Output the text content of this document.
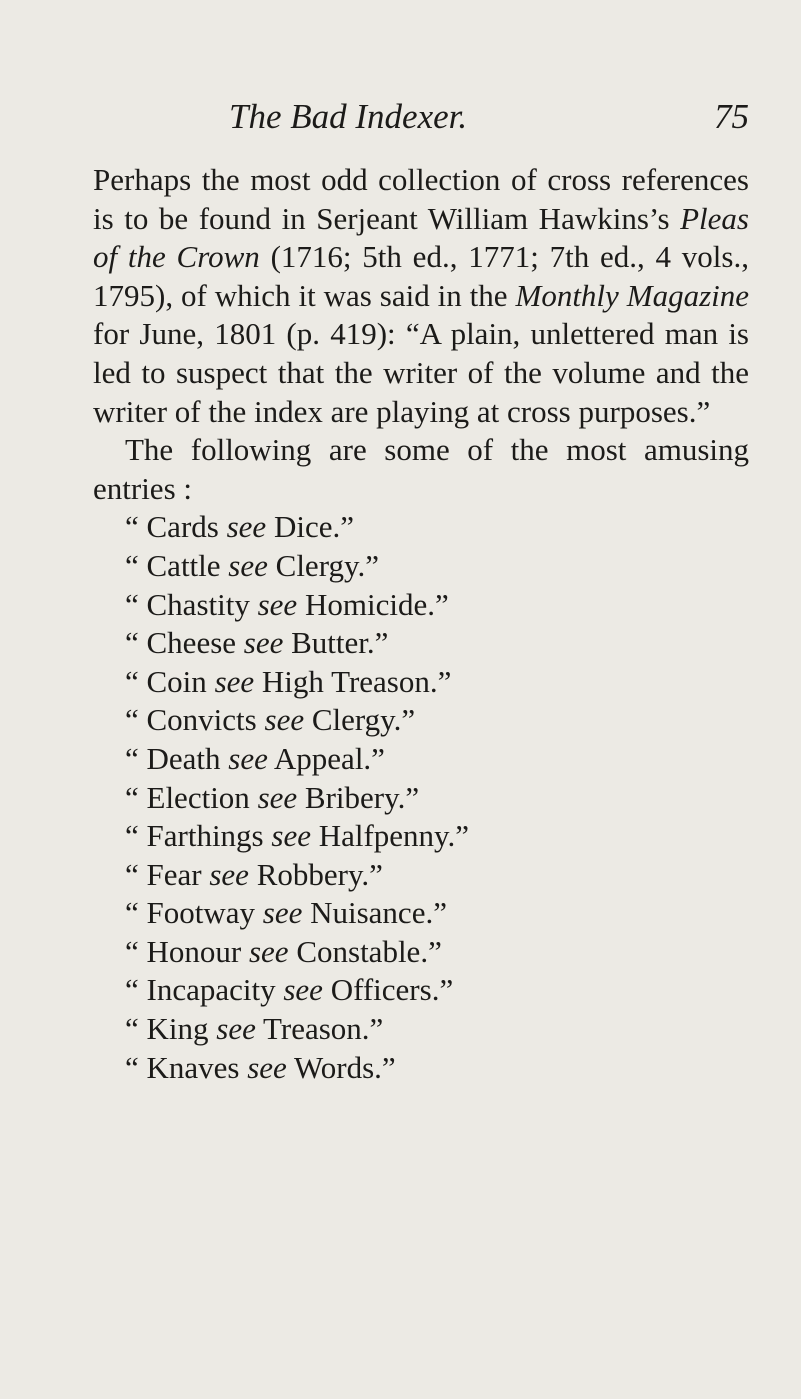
The Bad Indexer.	75

Perhaps the most odd collection of cross references is to be found in Serjeant William Hawkins’s Pleas of the Crown (1716; 5th ed., 1771; 7th ed., 4 vols., 1795), of which it was said in the Monthly Magazine for June, 1801 (p. 419): “A plain, unlettered man is led to suspect that the writer of the volume and the writer of the index are playing at cross purposes.”

The following are some of the most amusing entries :

“ Cards see Dice.”
“ Cattle see Clergy.”
“ Chastity see Homicide.”
“ Cheese see Butter.”
“ Coin see High Treason.”
“ Convicts see Clergy.”
“ Death see Appeal.”
“ Election see Bribery.”
“ Farthings see Halfpenny.”
“ Fear see Robbery.”
“ Footway see Nuisance.”
“ Honour see Constable.”
“ Incapacity see Officers.”
“ King see Treason.”
“ Knaves see Words.”
